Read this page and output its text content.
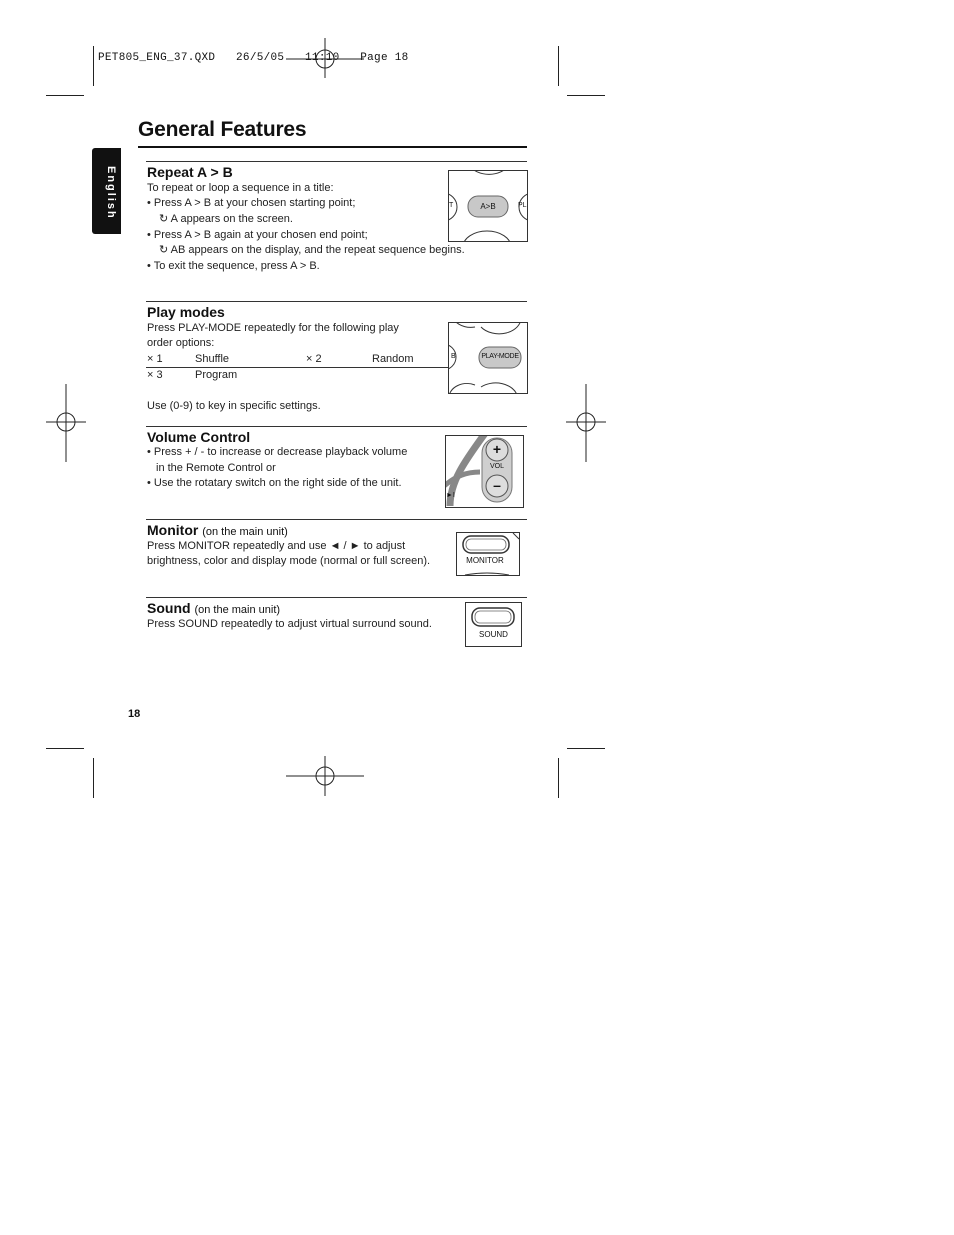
PET805_ENG_37.QXD   26/5/05   11:10   Page 18
General Features
English Repeat A > B
To repeat or loop a sequence in a title:
• Press A > B at your chosen starting point;
↻ A appears on the screen.
• Press A > B again at your chosen end point;
↻ AB appears on the display, and the repeat sequence begins.
• To exit the sequence, press A > B.
A>B
T	PL
Play modes
Press PLAY-MODE repeatedly for the following play
order options:
× 1	Shuffle	× 2	Random
× 3	Program
Use (0-9) to key in specific settings.
PLAY-MODE
B
Volume Control
• Press + / - to increase or decrease playback volume
in the Remote Control or
• Use the rotatary switch on the right side of the unit.
+
VOL
–
►I
Monitor (on the main unit)
Press MONITOR repeatedly and use ◄ / ► to adjust
brightness, color and display mode (normal or full screen).	MONITOR
Sound (on the main unit)
Press SOUND repeatedly to adjust virtual surround sound.
SOUND
18
